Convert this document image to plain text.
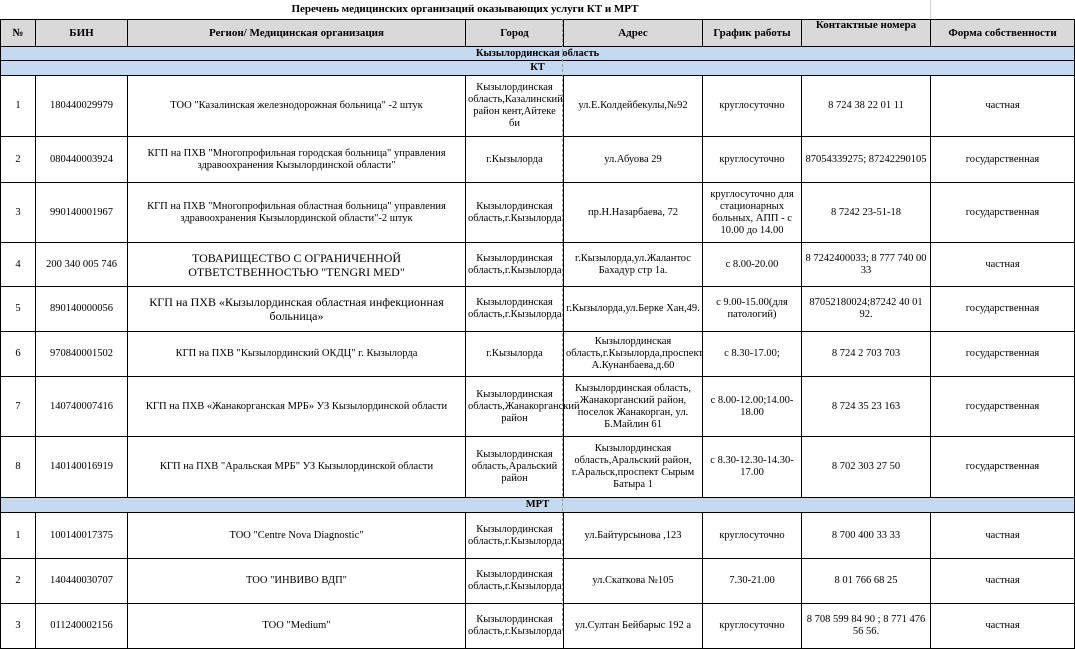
Перечень медицинских организаций оказывающих услуги КТ и МРТ
№	БИН	Регион/ Медицинская организация	Город	Адрес	График работы	Контактные номера	Форма собственности
Кызылординская область							
КТ							
1	180440029979	ТОО "Казалинская железнодорожная больница" -2 штук	Кызылординская область,Казалинский район кент,Айтеке би	ул.Е.Колдейбекулы,№92	круглосуточно	8 724 38 22 01 11	частная
2	080440003924	КГП на ПХВ "Многопрофильная городская больница" управления здравоохранения Кызылординской области"	г.Кызылорда	ул.Абуова 29	круглосуточно	87054339275; 87242290105	государственная
3	990140001967	КГП на ПХВ "Многопрофильная областная больница" управления здравоохранения Кызылординской области"-2 штук	Кызылординская область,г.Кызылорда	пр.Н.Назарбаева, 72	круглосуточно для стационарных больных, АПП - с 10.00 до 14.00	8 7242 23-51-18	государственная
4	200 340 005 746	ТОВАРИЩЕСТВО С ОГРАНИЧЕННОЙ ОТВЕТСТВЕННОСТЬЮ "TENGRI MED"	Кызылординская область,г.Кызылорда	г.Кызылорда,ул.Жалантос Бахадур стр 1а.	с 8.00-20.00	8 7242400033; 8 777 740 00 33	частная
5	890140000056	КГП на ПХВ «Кызылординская областная инфекционная больница»	Кызылординская область,г.Кызылорда	г.Кызылорда,ул.Берке Хан,49.	с 9.00-15.00(для патологий)	87052180024;87242 40 01 92.	государственная
6	970840001502	КГП на ПХВ "Кызылординский ОКДЦ" г. Кызылорда	г.Кызылорда	Кызылординская область,г.Кызылорда,проспект А.Кунанбаева,д.60	с 8.30-17.00;	8 724 2 703 703	государственная
7	140740007416	КГП на ПХВ «Жанакорганская МРБ» УЗ Кызылординской области	Кызылординская область,Жанакорганский район	Кызылординская область, Жанакорганский район, поселок Жанакорган, ул. Б.Майлин 61	с 8.00-12.00;14.00-18.00	8 724 35 23 163	государственная
8	140140016919	КГП на ПХВ "Аральская МРБ" УЗ Кызылординской области	Кызылординская область,Аральский район	Кызылординская область,Аральский район, г.Аральск,проспект Сырым Батыра 1	с 8.30-12.30-14.30-17.00	8 702 303 27 50	государственная
МРТ							
1	100140017375	ТОО "Centre Nova Diagnostic"	Кызылординская область,г.Кызылорда	ул.Байтурсынова ,123	круглосуточно	8 700 400 33 33	частная
2	140440030707	ТОО "ИНВИВО ВДП"	Кызылординская область,г.Кызылорда	ул.Скаткова №105	7.30-21.00	8 01 766 68 25	частная
3	011240002156	ТОО "Medium"	Кызылординская область,г.Кызылорда	ул.Султан Бейбарыс 192 а	круглосуточно	8 708 599 84 90 ; 8 771 476 56 56.	частная
